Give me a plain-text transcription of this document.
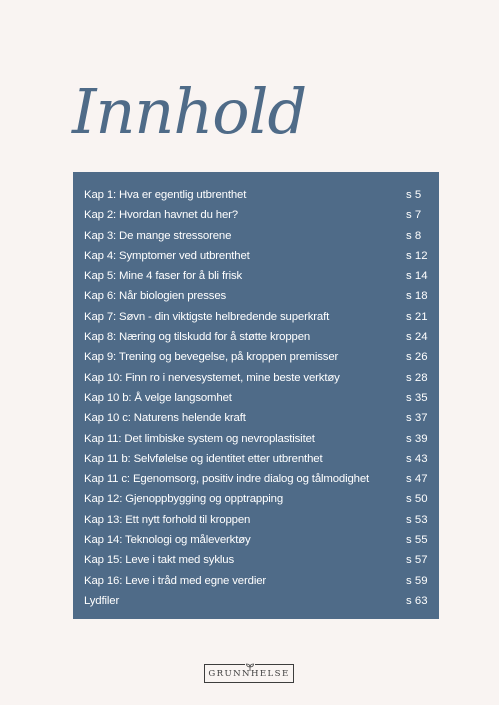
Innhold
Kap 1: Hva er egentlig utbrenthet	s 5
Kap 2: Hvordan havnet du her?	s 7
Kap 3: De mange stressorene	s 8
Kap 4: Symptomer ved utbrenthet	s 12
Kap 5: Mine 4 faser for å bli frisk	s 14
Kap 6: Når biologien presses	s 18
Kap 7: Søvn - din viktigste helbredende superkraft	s 21
Kap 8: Næring og tilskudd for å støtte kroppen	s 24
Kap 9: Trening og bevegelse, på kroppen premisser	s 26
Kap 10: Finn ro i nervesystemet, mine beste verktøy	s 28
Kap 10 b: Å velge langsomhet	s 35
Kap 10 c: Naturens helende kraft	s 37
Kap 11: Det limbiske system og nevroplastisitet	s 39
Kap 11 b: Selvfølelse og identitet etter utbrenthet	s 43
Kap 11 c: Egenomsorg, positiv indre dialog og tålmodighet	s 47
Kap 12: Gjenoppbygging og opptrapping	s 50
Kap 13: Ett nytt forhold til kroppen	s 53
Kap 14: Teknologi og måleverktøy	s 55
Kap 15: Leve i takt med syklus	s 57
Kap 16: Leve i tråd med egne verdier	s 59
Lydfiler	s 63
GRUNNHELSE
